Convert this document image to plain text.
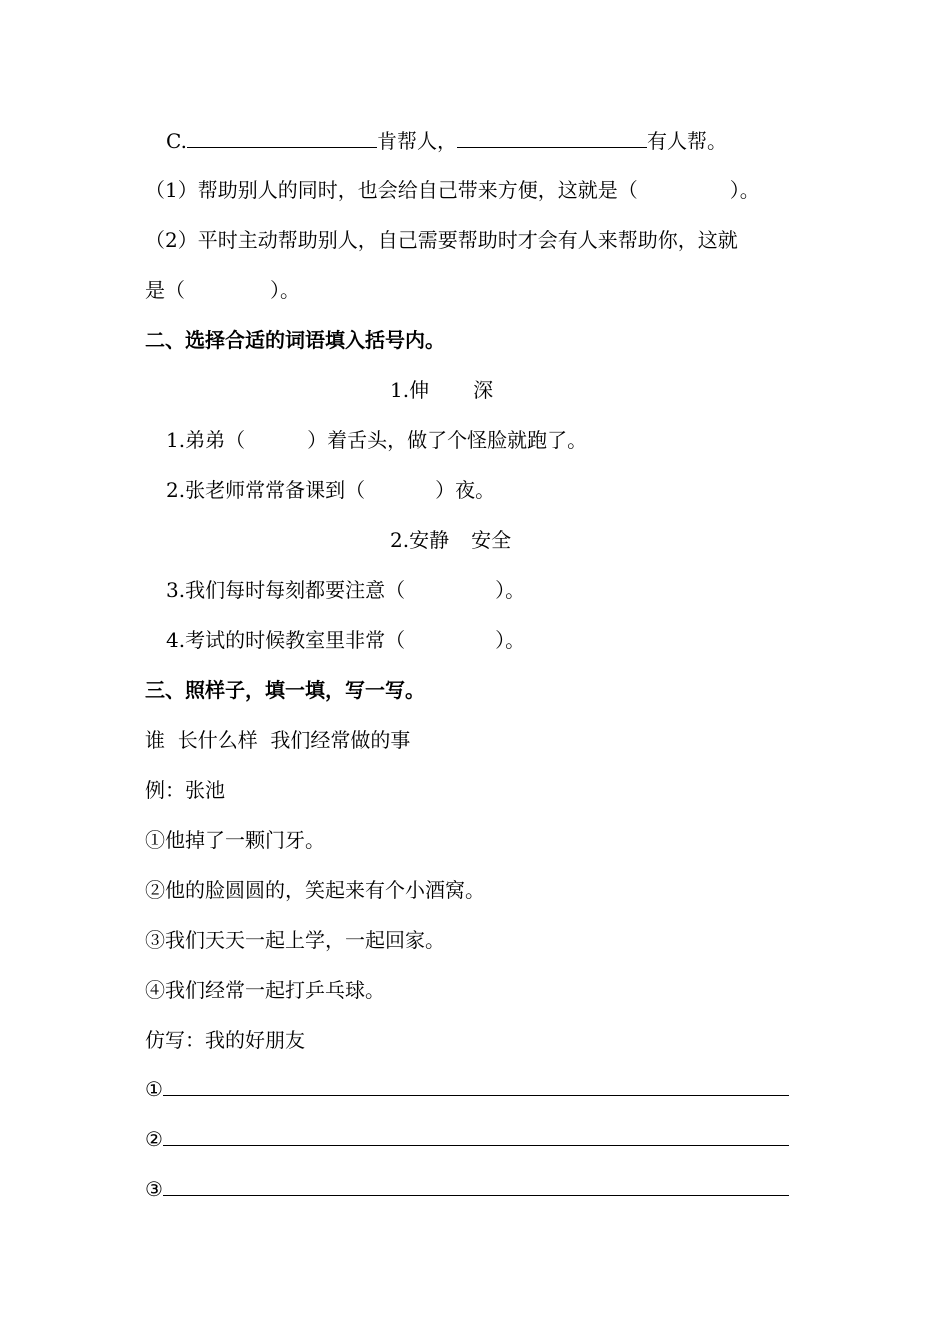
C.	肯帮人，	有人帮。
（1）帮助别人的同时，也会给自己带来方便，这就是（	）。
（2）平时主动帮助别人，自己需要帮助时才会有人来帮助你，这就
是（	）。
二、选择合适的词语填入括号内。
1.伸 深
1.弟弟（	）着舌头，做了个怪脸就跑了。
2.张老师常常备课到（	）夜。
2.安静 安全
3.我们每时每刻都要注意（	）。
4.考试的时候教室里非常（	）。
三、照样子，填一填，写一写。
谁  长什么样  我们经常做的事
例：张池
①他掉了一颗门牙。
②他的脸圆圆的，笑起来有个小酒窝。
③我们天天一起上学，一起回家。
④我们经常一起打乒乓球。
仿写：我的好朋友
①
②
③
